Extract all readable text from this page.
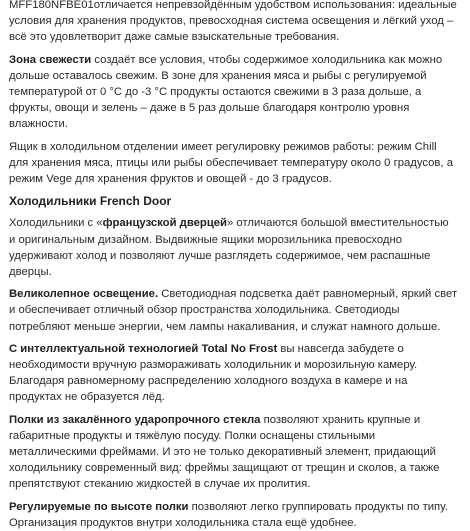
MFF180NFBE01отличается непревзойдённым удобством использования: идеальные условия для хранения продуктов, превосходная система освещения и лёгкий уход – всё это удовлетворит даже самые взыскательные требования.

Зона свежести создаёт все условия, чтобы содержимое холодильника как можно дольше оставалось свежим. В зоне для хранения мяса и рыбы с регулируемой температурой от 0 °C до -3 °C продукты остаются свежими в 3 раза дольше, а фрукты, овощи и зелень – даже в 5 раз дольше благодаря контролю уровня влажности.

Ящик в холодильном отделении имеет регулировку режимов работы: режим Chill для хранения мяса, птицы или рыбы обеспечивает температуру около 0 градусов, а режим Vege для хранения фруктов и овощей - до 3 градусов.

Холодильники French Door

Холодильники с «французской дверцей» отличаются большой вместительностью и оригинальным дизайном. Выдвижные ящики морозильника превосходно удерживают холод и позволяют лучше разглядеть содержимое, чем распашные дверцы.

Великолепное освещение. Светодиодная подсветка даёт равномерный, яркий свет и обеспечивает отличный обзор пространства холодильника. Светодиоды потребляют меньше энергии, чем лампы накаливания, и служат намного дольше.

С интеллектуальной технологией Total No Frost вы навсегда забудете о необходимости вручную размораживать холодильник и морозильную камеру. Благодаря равномерному распределению холодного воздуха в камере и на продуктах не образуется лёд.

Полки из закалённого ударопрочного стекла позволяют хранить крупные и габаритные продукты и тяжёлую посуду. Полки оснащены стильными металлическими фреймами. И это не только декоративный элемент, придающий холодильнику современный вид: фреймы защищают от трещин и сколов, а также препятствуют стеканию жидкостей в случае их пролития.

Регулируемые по высоте полки позволяют легко группировать продукты по типу. Организация продуктов внутри холодильника стала ещё удобнее.
